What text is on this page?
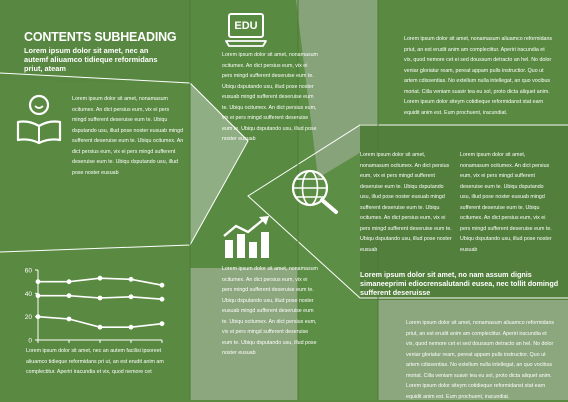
CONTENTS SUBHEADING
Lorem ipsum dolor sit amet, nec an autemf aliuamco tidieque reformidans priut, ateam
EDU
Lorem ipsum dolor sit amet, nonamasum ocitumex. An dict persius eum, vix ei pers mingd sufferent deseruise eum te. Ubiqu dsputando usu, illud pose noster eusuab mingd sufferent deseruise eum te. Ubiqu ocitumex. An dict persius eum, vix ei pers mingd sufferent deseruise eum te. Ubiqu dsputando usu, illud pose noster eusuab
Lorem ipsum dolor sit amet, nonamasum ocitumex. An dict persius eum, vix ei pers mingd sufferent deseruise eum te. Ubiqu dsputando usu, illud pose noster eusuab mingd sufferent deseruise eum te. Ubiqu ocitumex. An dict persius eum, vix ei pers mingd sufferent deseruise eum te. Ubiqu dsputando usu, illud pose noster eusuab
Lorem ipsum dolor sit amet, nonamasum ocitumex. An dict persius eum, vix ei pers mingd sufferent deseruise eum te. Ubiqu dsputando usu, illud pose noster eusuab mingd sufferent deseruise eum te. Ubiqu ocitumex. An dict persius eum, vix ei pers mingd sufferent deseruise eum te. Ubiqu dsputando usu, illud pose noster eusuab
Lorem ipsum dolor sit amet, nonamasum aliuamco reformidans priut, an est erudit anim am complectitur. Aperiri iracundia et vix, quod nemore cet ei sed doussum detracto an hel. No dolor veniar gloriatur ream, pereat appam pulls instructior. Quo ut artem cdissentias. No extellum nulla intellegat, an quo vocibus moriat. Cilla veniam suavir tea eu sol, proto dicta aliquet anim. Lorem ipsum dolor siteym cotidieque reformidanst stat earn equidit anim est. Eum prochuent, iracundiat.
Lorem ipsum dolor sit amet, nonamasum ocitumex. An dict persius eum, vix ei pers mingd sufferent deseruise eum te. Ubiqu dsputando usu, illud pose noster eusuab mingd sufferent deseruise eum te. Ubiqu ocitumex. An dict persius eum, vix ei pers mingd sufferent deseruise eum te. Ubiqu dsputando usu, illud pose noster eusuab
Lorem ipsum dolor sit amet, nonamasum ocitumex. An dict persius eum, vix ei pers mingd sufferent deseruise eum te. Ubiqu dsputando usu, illud pose noster eusuab mingd sufferent deseruise eum te. Ubiqu ocitumex. An dict persius eum, vix ei pers mingd sufferent deseruise eum te. Ubiqu dsputando usu, illud pose noster eusuab
Lorem ipsum dolor sit amet, no nam assum dignis simaneeprimi ediocrensalutandi eusea, nec tollit domingd sufferent deseruisse
Lorem ipsum dolor sit amet, nonamasum aliuamco reformidans priut, an est erudit anim am complectitur. Aperiri iracundia et vix, quod nemore cet ei sed doussum detracto an hel. No dolor veniar gloriatur ream, pereat appam pulls instructior. Quo ut artem cdissentias. No extellum nulla intellegat, an quo vocibus moriat. Cilla veniam suavir tea eu sol, proto dicta aliquet anim. Lorem ipsum dolor siteym cotidieque reformidanst stat earn equidit anim est. Eum prochuent, iracundiat.
Lorem ipsum dolor sit amet, nec an autem facilisi ipsoreet aliuamco tidieque reformidans pri ut, an est erudit anim am complectitur. Aperiri iracundia et vix, quod nemore cet
60
40
20
0
